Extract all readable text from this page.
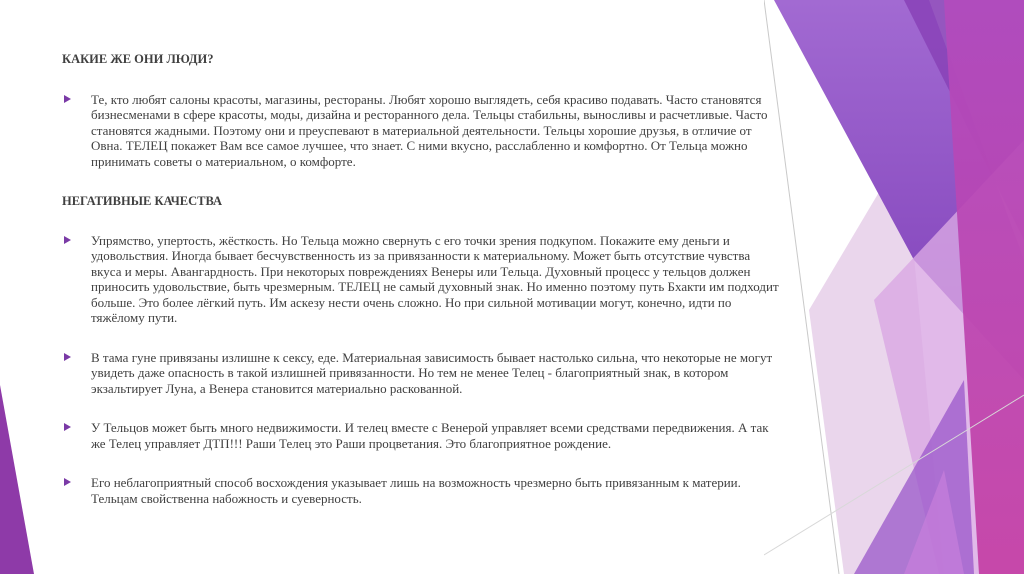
КАКИЕ ЖЕ ОНИ ЛЮДИ?

Те, кто любят салоны красоты, магазины, рестораны. Любят хорошо выглядеть, себя красиво подавать. Часто становятся бизнесменами в сфере красоты, моды, дизайна и ресторанного дела. Тельцы стабильны, выносливы и расчетливые. Часто становятся жадными. Поэтому они и преуспевают в материальной деятельности. Тельцы хорошие друзья, в отличие от Овна. ТЕЛЕЦ покажет Вам все самое лучшее, что знает. С ними вкусно, расслабленно и комфортно. От Тельца можно принимать советы о материальном, о комфорте.

НЕГАТИВНЫЕ КАЧЕСТВА

Упрямство, упертость, жёсткость. Но Тельца можно свернуть с его точки зрения подкупом. Покажите ему деньги и удовольствия. Иногда бывает бесчувственность из за привязанности к материальному. Может быть отсутствие чувства вкуса и меры. Авангардность. При некоторых повреждениях Венеры или Тельца. Духовный процесс у тельцов должен приносить удовольствие, быть чрезмерным. ТЕЛЕЦ не самый духовный знак. Но именно поэтому путь Бхакти им подходит больше. Это более лёгкий путь. Им аскезу нести очень сложно. Но при сильной мотивации могут, конечно, идти по тяжёлому пути.

В тама гуне привязаны излишне к сексу, еде. Материальная зависимость бывает настолько сильна, что некоторые не могут увидеть даже опасность в такой излишней привязанности. Но тем не менее Телец - благоприятный знак, в котором экзальтирует Луна, а Венера становится материально раскованной.

У Тельцов может быть много недвижимости. И телец вместе с Венерой управляет всеми средствами передвижения. А так же Телец управляет ДТП!!! Раши Телец это Раши процветания. Это благоприятное рождение.

Его неблагоприятный способ восхождения указывает лишь на возможность чрезмерно быть привязанным к материи. Тельцам свойственна набожность и суеверность.
